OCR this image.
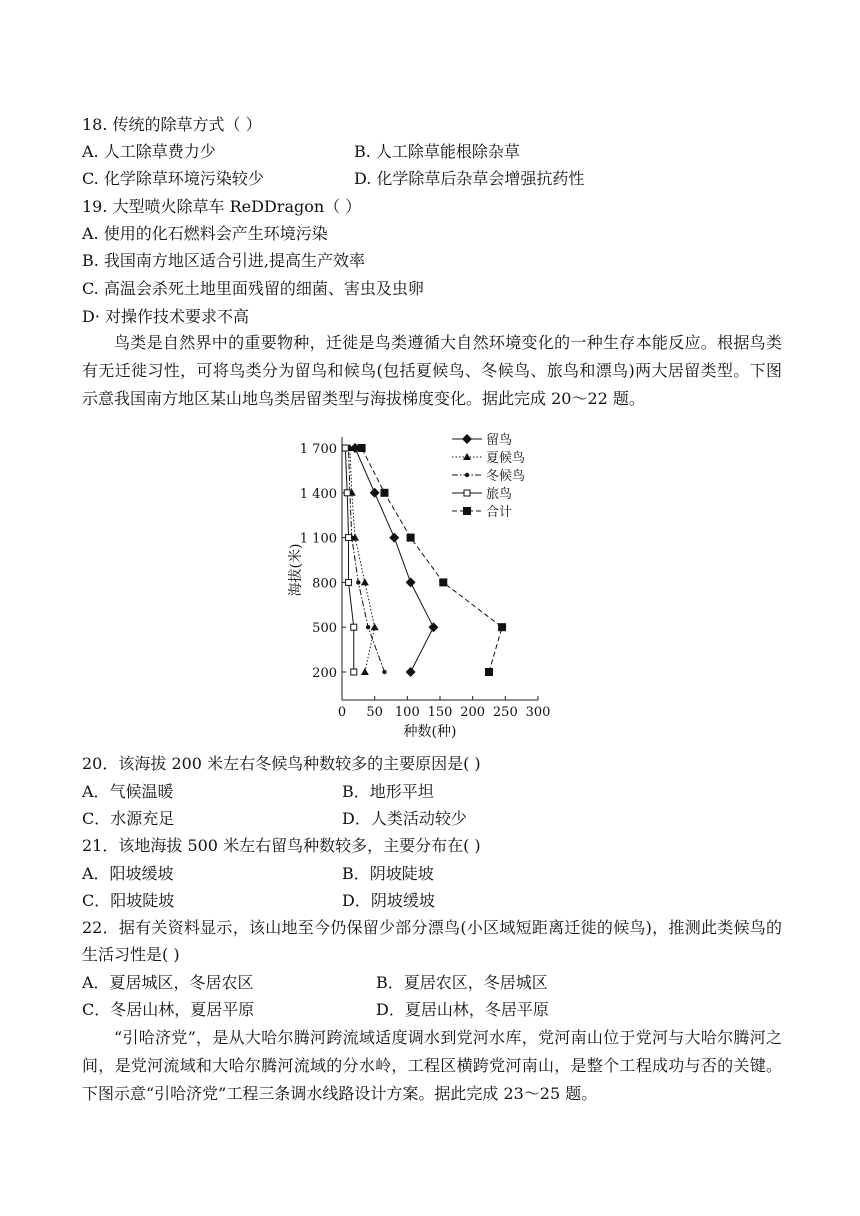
18. 传统的除草方式（ ）
A. 人工除草费力少	B. 人工除草能根除杂草
C. 化学除草环境污染较少	D. 化学除草后杂草会增强抗药性
19. 大型喷火除草车 ReDDragon（ ）
A. 使用的化石燃料会产生环境污染
B. 我国南方地区适合引进,提高生产效率
C. 高温会杀死土地里面残留的细菌、害虫及虫卵
D· 对操作技术要求不高

鸟类是自然界中的重要物种，迁徙是鸟类遵循大自然环境变化的一种生存本能反应。根据鸟类有无迁徙习性，可将鸟类分为留鸟和候鸟(包括夏候鸟、冬候鸟、旅鸟和漂鸟)两大居留类型。下图示意我国南方地区某山地鸟类居留类型与海拔梯度变化。据此完成 20～22 题。

0 50 100 150 200 250 300
200
500
800
1 100
1 400
1 700
种数(种)
海拔(米)
留鸟
夏候鸟
冬候鸟
旅鸟
合计
20．该海拔 200 米左右冬候鸟种数较多的主要原因是( )
A．气候温暖	B．地形平坦
C．水源充足	D．人类活动较少
21．该地海拔 500 米左右留鸟种数较多，主要分布在( )
A．阳坡缓坡	B．阴坡陡坡
C．阳坡陡坡	D．阴坡缓坡
22．据有关资料显示，该山地至今仍保留少部分漂鸟(小区域短距离迁徙的候鸟)，推测此类候鸟的生活习性是( )
A．夏居城区，冬居农区	B．夏居农区，冬居城区
C．冬居山林，夏居平原	D．夏居山林，冬居平原

“引哈济党”，是从大哈尔腾河跨流域适度调水到党河水库，党河南山位于党河与大哈尔腾河之间，是党河流域和大哈尔腾河流域的分水岭，工程区横跨党河南山，是整个工程成功与否的关键。下图示意“引哈济党”工程三条调水线路设计方案。据此完成 23～25 题。
